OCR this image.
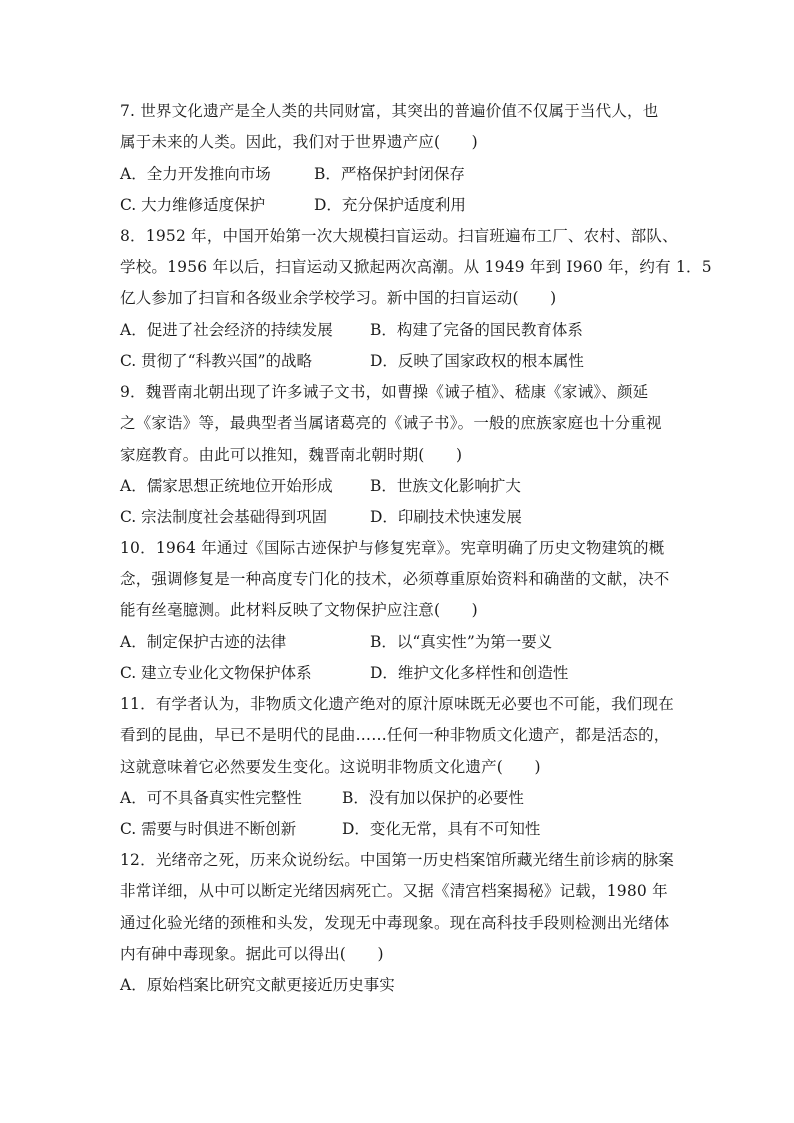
7. 世界文化遗产是全人类的共同财富，其突出的普遍价值不仅属于当代人，也
属于未来的人类。因此，我们对于世界遗产应(　　)
A．全力开发推向市场	B．严格保护封闭保存
C. 大力维修适度保护	D．充分保护适度利用
8．1952 年，中国开始第一次大规模扫盲运动。扫盲班遍布工厂、农村、部队、
学校。1956 年以后，扫盲运动又掀起两次高潮。从 1949 年到 I960 年，约有 1．5
亿人参加了扫盲和各级业余学校学习。新中国的扫盲运动(　　)
A．促进了社会经济的持续发展 B．构建了完备的国民教育体系
C. 贯彻了“科教兴国”的战略	D．反映了国家政权的根本属性
9．魏晋南北朝出现了许多诫子文书，如曹操《诫子植》、嵇康《家诫》、颜延
之《家诰》等，最典型者当属诸葛亮的《诫子书》。一般的庶族家庭也十分重视
家庭教育。由此可以推知，魏晋南北朝时期(　　)
A．儒家思想正统地位开始形成 B．世族文化影响扩大
C. 宗法制度社会基础得到巩固	D．印刷技术快速发展
10．1964 年通过《国际古迹保护与修复宪章》。宪章明确了历史文物建筑的概
念，强调修复是一种高度专门化的技术，必须尊重原始资料和确凿的文献，决不
能有丝毫臆测。此材料反映了文物保护应注意(　　)
A．制定保护古迹的法律	B．以“真实性”为第一要义
C. 建立专业化文物保护体系	D．维护文化多样性和创造性
11．有学者认为，非物质文化遗产绝对的原汁原味既无必要也不可能，我们现在
看到的昆曲，早已不是明代的昆曲……任何一种非物质文化遗产，都是活态的，
这就意味着它必然要发生变化。这说明非物质文化遗产(　　)
A．可不具备真实性完整性	B．没有加以保护的必要性
C. 需要与时俱进不断创新	D．变化无常，具有不可知性
12．光绪帝之死，历来众说纷纭。中国第一历史档案馆所藏光绪生前诊病的脉案
非常详细，从中可以断定光绪因病死亡。又据《清宫档案揭秘》记载，1980 年
通过化验光绪的颈椎和头发，发现无中毒现象。现在高科技手段则检测出光绪体
内有砷中毒现象。据此可以得出(　　)
A．原始档案比研究文献更接近历史事实
